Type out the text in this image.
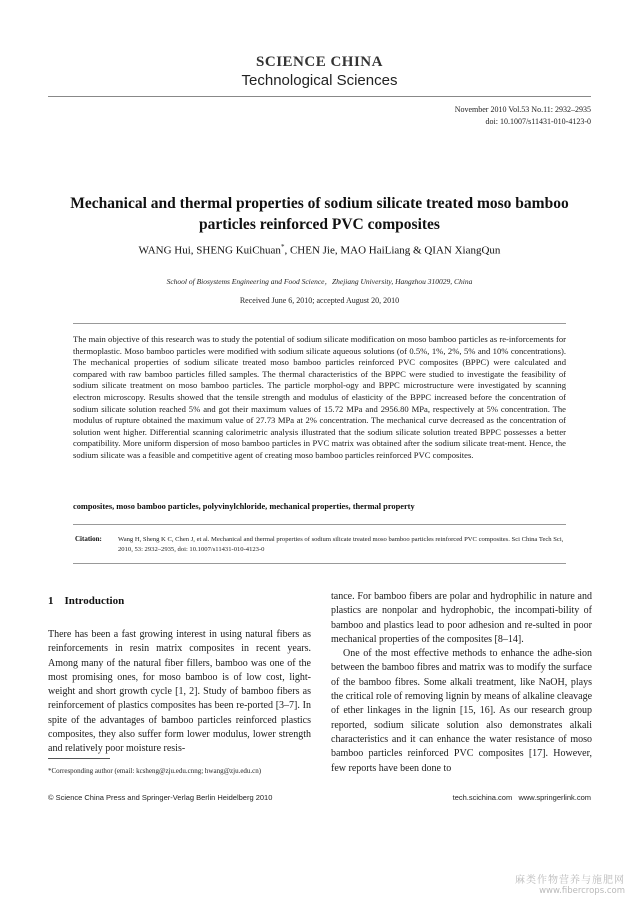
SCIENCE CHINA
Technological Sciences
November 2010 Vol.53 No.11: 2932–2935
doi: 10.1007/s11431-010-4123-0
Mechanical and thermal properties of sodium silicate treated moso bamboo particles reinforced PVC composites
WANG Hui, SHENG KuiChuan*, CHEN Jie, MAO HaiLiang & QIAN XiangQun
School of Biosystems Engineering and Food Science，Zhejiang University, Hangzhou 310029, China
Received June 6, 2010; accepted August 20, 2010
The main objective of this research was to study the potential of sodium silicate modification on moso bamboo particles as re-inforcements for thermoplastic. Moso bamboo particles were modified with sodium silicate aqueous solutions (of 0.5%, 1%, 2%, 5% and 10% concentrations). The mechanical properties of sodium silicate treated moso bamboo particles reinforced PVC composites (BPPC) were calculated and compared with raw bamboo particles filled samples. The thermal characteristics of the BPPC were studied to investigate the feasibility of sodium silicate treatment on moso bamboo particles. The particle morphol-ogy and BPPC microstructure were investigated by scanning electron microscopy. Results showed that the tensile strength and modulus of elasticity of the BPPC increased before the concentration of sodium silicate solution reached 5% and got their maximum values of 15.72 MPa and 2956.80 MPa, respectively at 5% concentration. The modulus of rupture obtained the maximum value of 27.73 MPa at 2% concentration. The mechanical curve decreased as the concentration of solution went higher. Differential scanning calorimetric analysis illustrated that the sodium silicate solution treated BPPC possesses a better compatibility. More uniform dispersion of moso bamboo particles in PVC matrix was obtained after the sodium silicate treat-ment. Hence, the sodium silicate was a feasible and competitive agent of creating moso bamboo particles reinforced PVC composites.
composites, moso bamboo particles, polyvinylchloride, mechanical properties, thermal property
Citation: Wang H, Sheng K C, Chen J, et al. Mechanical and thermal properties of sodium silicate treated moso bamboo particles reinforced PVC composites. Sci China Tech Sci, 2010, 53: 2932–2935, doi: 10.1007/s11431-010-4123-0
1    Introduction

There has been a fast growing interest in using natural fibers as reinforcements in resin matrix composites in recent years. Among many of the natural fiber fillers, bamboo was one of the most promising ones, for moso bamboo is of low cost, light-weight and short growth cycle [1, 2]. Study of bamboo fibers as reinforcement of plastics composites has been re-ported [3–7]. In spite of the advantages of bamboo particles reinforced plastics composites, they also suffer form lower modulus, lower strength and relatively poor moisture resis-

tance. For bamboo fibers are polar and hydrophilic in nature and plastics are nonpolar and hydrophobic, the incompati-bility of bamboo and plastics lead to poor adhesion and re-sulted in poor mechanical properties of the composites [8–14].

One of the most effective methods to enhance the adhe-sion between the bamboo fibres and matrix was to modify the surface of the bamboo fibres. Some alkali treatment, like NaOH, plays the critical role of removing lignin by means of alkaline cleavage of ether linkages in the lignin [15, 16]. As our research group reported, sodium silicate solution also demonstrates alkali characteristics and it can enhance the water resistance of moso bamboo particles reinforced PVC composites [17]. However, few reports have been done to

*Corresponding author (email: kcsheng@zju.edu.cnng; hwang@zju.edu.cn)
© Science China Press and Springer-Verlag Berlin Heidelberg 2010	tech.scichina.com   www.springerlink.com
麻类作物营养与施肥网
www.fibercrops.com
